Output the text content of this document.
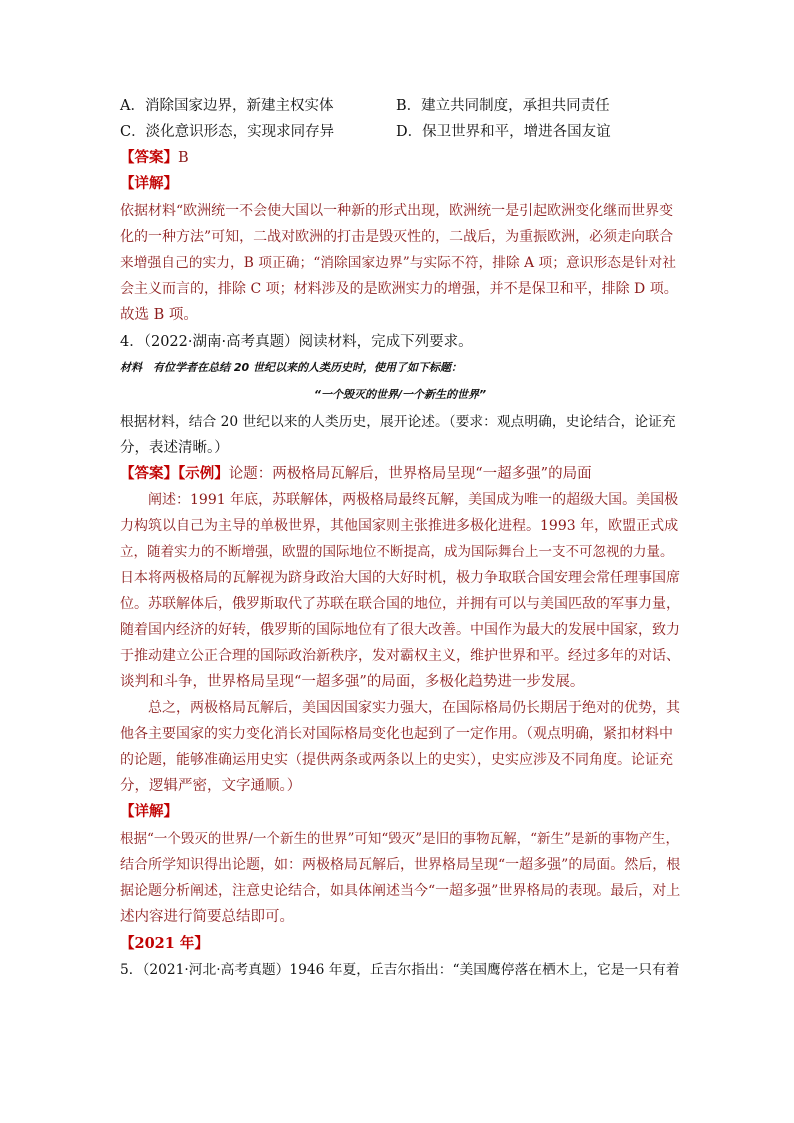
A．消除国家边界，新建主权实体	B．建立共同制度，承担共同责任
C．淡化意识形态，实现求同存异	D．保卫世界和平，增进各国友谊
【答案】B
【详解】
依据材料“欧洲统一不会使大国以一种新的形式出现，欧洲统一是引起欧洲变化继而世界变
化的一种方法”可知，二战对欧洲的打击是毁灭性的，二战后，为重振欧洲，必须走向联合
来增强自己的实力，B 项正确；“消除国家边界”与实际不符，排除 A 项；意识形态是针对社
会主义而言的，排除 C 项；材料涉及的是欧洲实力的增强，并不是保卫和平，排除 D 项。
故选 B 项。
4．（2022·湖南·高考真题）阅读材料，完成下列要求。
材料　有位学者在总结 20 世纪以来的人类历史时，使用了如下标题：
“一个毁灭的世界/一个新生的世界”
根据材料，结合 20 世纪以来的人类历史，展开论述。（要求：观点明确，史论结合，论证充
分，表述清晰。）
【答案】【示例】论题：两极格局瓦解后，世界格局呈现“一超多强”的局面
阐述：1991 年底，苏联解体，两极格局最终瓦解，美国成为唯一的超级大国。美国极
力构筑以自己为主导的单极世界，其他国家则主张推进多极化进程。1993 年，欧盟正式成
立，随着实力的不断增强，欧盟的国际地位不断提高，成为国际舞台上一支不可忽视的力量。
日本将两极格局的瓦解视为跻身政治大国的大好时机，极力争取联合国安理会常任理事国席
位。苏联解体后，俄罗斯取代了苏联在联合国的地位，并拥有可以与美国匹敌的军事力量，
随着国内经济的好转，俄罗斯的国际地位有了很大改善。中国作为最大的发展中国家，致力
于推动建立公正合理的国际政治新秩序，发对霸权主义，维护世界和平。经过多年的对话、
谈判和斗争，世界格局呈现“一超多强”的局面，多极化趋势进一步发展。
总之，两极格局瓦解后，美国因国家实力强大，在国际格局仍长期居于绝对的优势，其
他各主要国家的实力变化消长对国际格局变化也起到了一定作用。（观点明确，紧扣材料中
的论题，能够准确运用史实（提供两条或两条以上的史实），史实应涉及不同角度。论证充
分，逻辑严密，文字通顺。）
【详解】
根据“一个毁灭的世界/一个新生的世界”可知“毁灭”是旧的事物瓦解，“新生”是新的事物产生，
结合所学知识得出论题，如：两极格局瓦解后，世界格局呈现“一超多强”的局面。然后，根
据论题分析阐述，注意史论结合，如具体阐述当今“一超多强”世界格局的表现。最后，对上
述内容进行简要总结即可。
【2021 年】
5．（2021·河北·高考真题）1946 年夏，丘吉尔指出：“美国鹰停落在栖木上，它是一只有着
